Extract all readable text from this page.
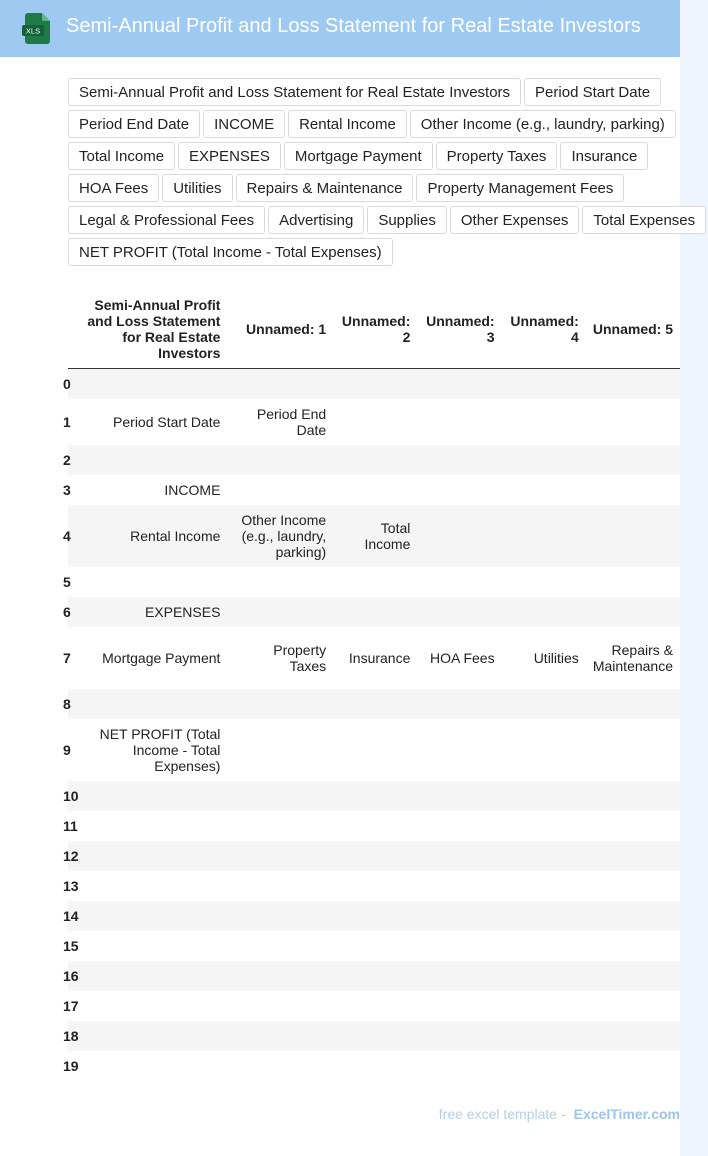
XLS Semi-Annual Profit and Loss Statement for Real Estate Investors
Semi-Annual Profit and Loss Statement for Real Estate Investors	Period Start Date
Period End Date	INCOME	Rental Income	Other Income (e.g., laundry, parking)
Total Income	EXPENSES	Mortgage Payment	Property Taxes	Insurance
HOA Fees	Utilities	Repairs & Maintenance	Property Management Fees
Legal & Professional Fees	Advertising	Supplies	Other Expenses	Total Expenses
NET PROFIT (Total Income - Total Expenses)
	Semi-Annual Profit and Loss Statement for Real Estate Investors	Unnamed: 1	Unnamed: 2	Unnamed: 3	Unnamed: 4	Unnamed: 5
0						
1	Period Start Date	Period End Date				
2						
3	INCOME					
4	Rental Income	Other Income (e.g., laundry, parking)	Total Income			
5						
6	EXPENSES					
7	Mortgage Payment	Property Taxes	Insurance	HOA Fees	Utilities	Repairs & Maintenance
8						
9	NET PROFIT (Total Income - Total Expenses)					
10						
11						
12						
13						
14						
15						
16						
17						
18						
19						
free excel template - ExcelTimer.com
